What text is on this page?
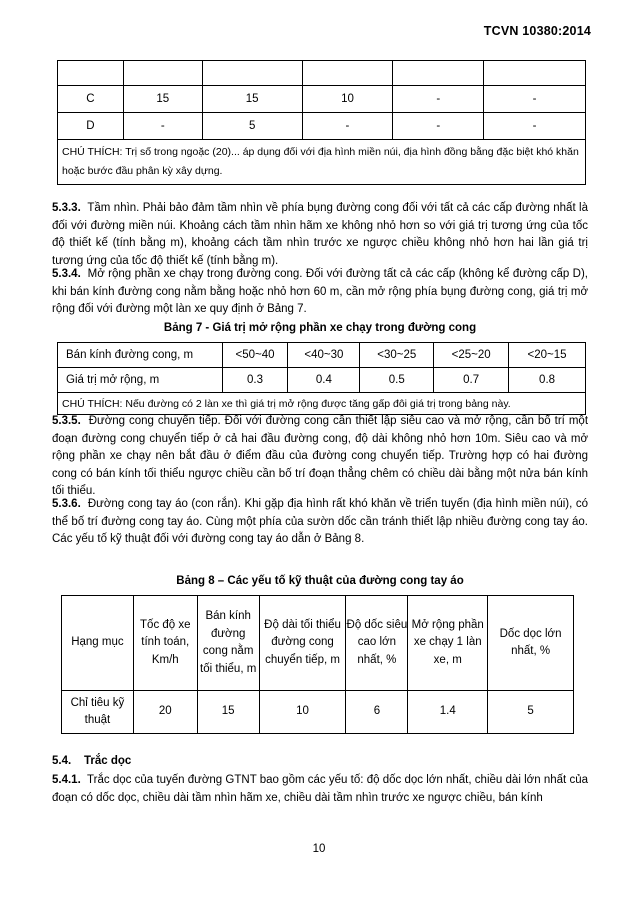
TCVN 10380:2014

C	15	15	10	-	-
D	-	5	-	-	-
CHÚ THÍCH: Trị số trong ngoặc (20)... áp dụng đối với địa hình miền núi, địa hình đồng bằng đặc biệt khó khăn hoặc bước đầu phân kỳ xây dựng.					
5.3.3. Tầm nhìn. Phải bảo đảm tầm nhìn về phía bụng đường cong đối với tất cả các cấp đường nhất là đối với đường miền núi. Khoảng cách tầm nhìn hãm xe không nhỏ hơn so với giá trị tương ứng của tốc độ thiết kế (tính bằng m), khoảng cách tầm nhìn trước xe ngược chiều không nhỏ hơn hai lần giá trị tương ứng của tốc độ thiết kế (tính bằng m).
5.3.4. Mở rộng phần xe chạy trong đường cong. Đối với đường tất cả các cấp (không kể đường cấp D), khi bán kính đường cong nằm bằng hoặc nhỏ hơn 60 m, cần mở rộng phía bụng đường cong, giá trị mở rộng đối với đường một làn xe quy định ở Bảng 7.
Bảng 7 - Giá trị mở rộng phần xe chạy trong đường cong
Bán kính đường cong, m	<50~40	<40~30	<30~25	<25~20	<20~15
Giá trị mở rộng, m	0.3	0.4	0.5	0.7	0.8
CHÚ THÍCH: Nếu đường có 2 làn xe thì giá trị mở rộng được tăng gấp đôi giá trị trong bảng này.					
5.3.5. Đường cong chuyển tiếp. Đối với đường cong cần thiết lập siêu cao và mở rộng, cần bố trí một đoạn đường cong chuyển tiếp ở cả hai đầu đường cong, độ dài không nhỏ hơn 10m. Siêu cao và mở rộng phần xe chạy nên bắt đầu ở điểm đầu của đường cong chuyển tiếp. Trường hợp có hai đường cong có bán kính tối thiểu ngược chiều cần bố trí đoạn thẳng chêm có chiều dài bằng một nửa bán kính tối thiểu.
5.3.6. Đường cong tay áo (con rắn). Khi gặp địa hình rất khó khăn về triển tuyến (địa hình miền núi), có thể bố trí đường cong tay áo. Cùng một phía của sườn dốc cần tránh thiết lập nhiều đường cong tay áo. Các yếu tố kỹ thuật đối với đường cong tay áo dẫn ở Bảng 8.
Bảng 8 – Các yếu tố kỹ thuật của đường cong tay áo
Hạng mục	Tốc độ xe tính toán, Km/h	Bán kính đường cong nằm tối thiểu, m	Độ dài tối thiểu đường cong chuyển tiếp, m	Độ dốc siêu cao lớn nhất, %	Mở rộng phần xe chạy 1 làn xe, m	Dốc dọc lớn nhất, %
Chỉ tiêu kỹ thuật	20	15	10	6	1.4	5
5.4. Trắc dọc
5.4.1. Trắc dọc của tuyến đường GTNT bao gồm các yếu tố: độ dốc dọc lớn nhất, chiều dài lớn nhất của đoạn có dốc dọc, chiều dài tầm nhìn hãm xe, chiều dài tầm nhìn trước xe ngược chiều, bán kính
10
